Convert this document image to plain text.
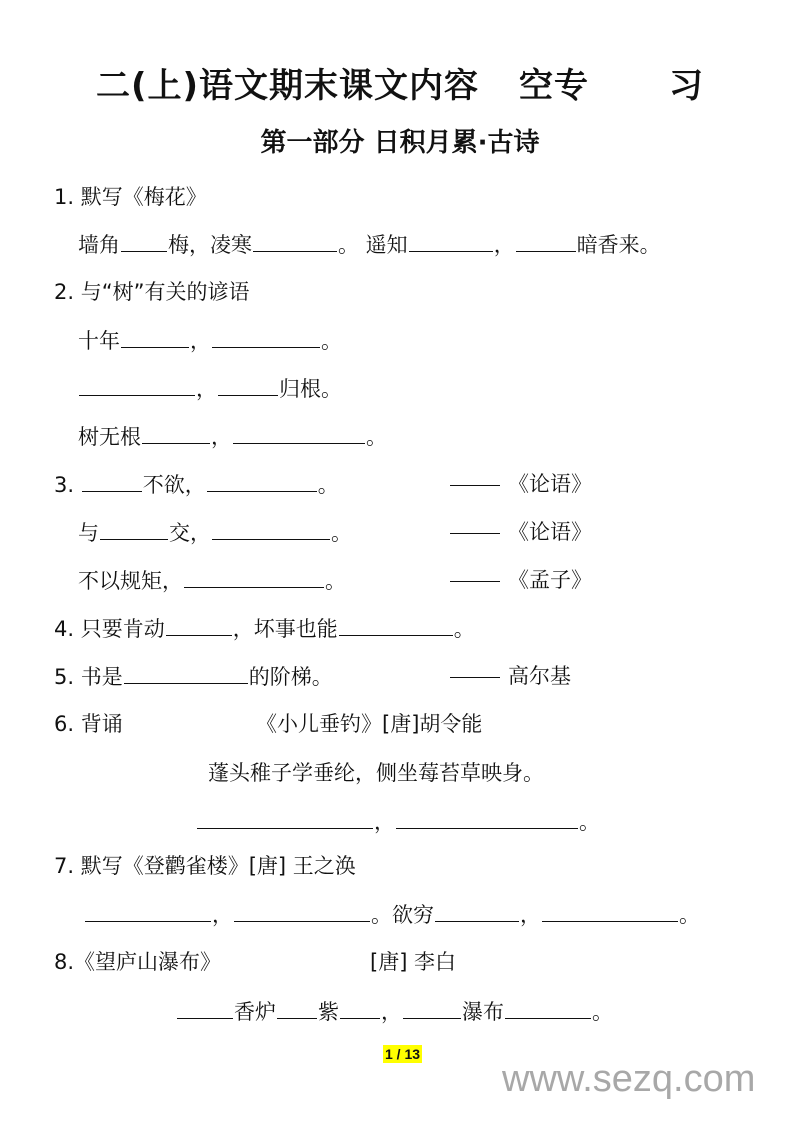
二(上)语文期末课文内容 空专 习
第一部分 日积月累·古诗
1. 默写《梅花》
墙角 梅，凌寒	。 遥知	，	暗香来。
2. 与“树”有关的谚语
十年	，	。
，	归根。
树无根	，	。
3.	不欲，	。	《论语》
与	交，	。	《论语》
不以规矩，	。	《孟子》
4. 只要肯动	，坏事也能	。
5. 书是	的阶梯。	高尔基
6. 背诵	《小儿垂钓》[唐]胡令能
蓬头稚子学垂纶，侧坐莓苔草映身。
，	。
7. 默写《登鹳雀楼》[唐] 王之涣
，	。欲穷	，	。
8.《望庐山瀑布》	[唐] 李白
香炉 紫 ，	瀑布	。
1 / 13
www.sezq.com
